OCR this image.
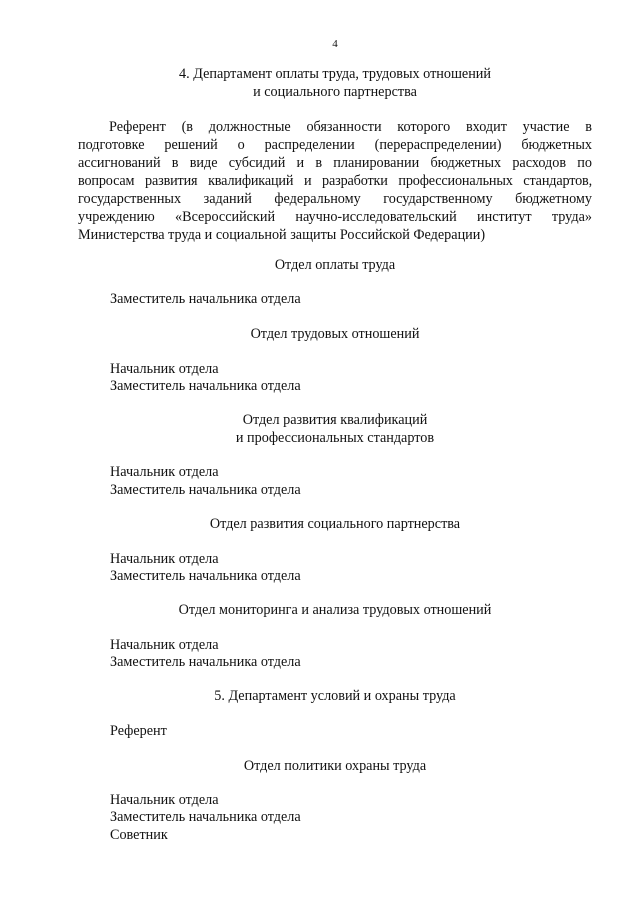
4
4. Департамент оплаты труда, трудовых отношений
и социального партнерства
Референт (в должностные обязанности которого входит участие в
подготовке решений о распределении (перераспределении) бюджетных
ассигнований в виде субсидий и в планировании бюджетных расходов по
вопросам развития квалификаций и разработки профессиональных стандартов,
государственных заданий федеральному государственному бюджетному
учреждению «Всероссийский научно-исследовательский институт труда»
Министерства труда и социальной защиты Российской Федерации)
Отдел оплаты труда
Заместитель начальника отдела
Отдел трудовых отношений
Начальник отдела
Заместитель начальника отдела
Отдел развития квалификаций
и профессиональных стандартов
Начальник отдела
Заместитель начальника отдела
Отдел развития социального партнерства
Начальник отдела
Заместитель начальника отдела
Отдел мониторинга и анализа трудовых отношений
Начальник отдела
Заместитель начальника отдела
5. Департамент условий и охраны труда
Референт
Отдел политики охраны труда
Начальник отдела
Заместитель начальника отдела
Советник
